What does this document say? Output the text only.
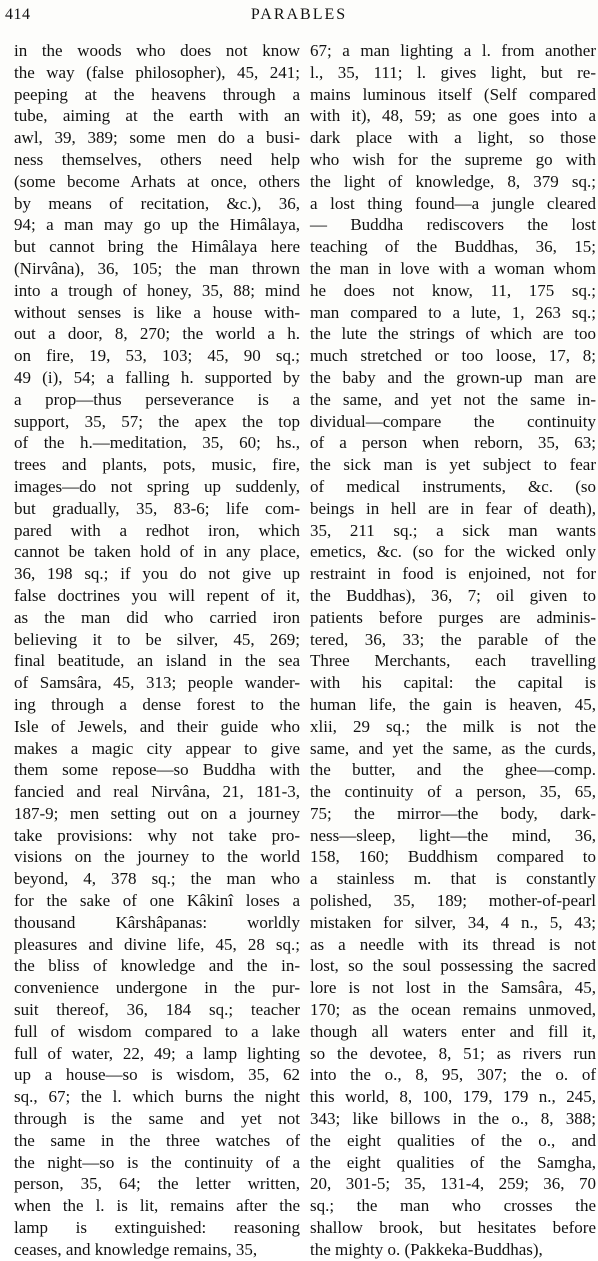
414	PARABLES
in the woods who does not know
the way (false philosopher), 45, 241;
peeping at the heavens through a
tube, aiming at the earth with an
awl, 39, 389; some men do a busi-
ness themselves, others need help
(some become Arhats at once, others
by means of recitation, &c.), 36,
94; a man may go up the Himâlaya,
but cannot bring the Himâlaya here
(Nirvâna), 36, 105; the man thrown
into a trough of honey, 35, 88; mind
without senses is like a house with-
out a door, 8, 270; the world a h.
on fire, 19, 53, 103; 45, 90 sq.;
49 (i), 54; a falling h. supported by
a prop—thus perseverance is a
support, 35, 57; the apex the top
of the h.—meditation, 35, 60; hs.,
trees and plants, pots, music, fire,
images—do not spring up suddenly,
but gradually, 35, 83-6; life com-
pared with a redhot iron, which
cannot be taken hold of in any place,
36, 198 sq.; if you do not give up
false doctrines you will repent of it,
as the man did who carried iron
believing it to be silver, 45, 269;
final beatitude, an island in the sea
of Samsâra, 45, 313; people wander-
ing through a dense forest to the
Isle of Jewels, and their guide who
makes a magic city appear to give
them some repose—so Buddha with
fancied and real Nirvâna, 21, 181-3,
187-9; men setting out on a journey
take provisions: why not take pro-
visions on the journey to the world
beyond, 4, 378 sq.; the man who
for the sake of one Kâkinî loses a
thousand Kârshâpanas: worldly
pleasures and divine life, 45, 28 sq.;
the bliss of knowledge and the in-
convenience undergone in the pur-
suit thereof, 36, 184 sq.; teacher
full of wisdom compared to a lake
full of water, 22, 49; a lamp lighting
up a house—so is wisdom, 35, 62
sq., 67; the l. which burns the night
through is the same and yet not
the same in the three watches of
the night—so is the continuity of a
person, 35, 64; the letter written,
when the l. is lit, remains after the
lamp is extinguished: reasoning
ceases, and knowledge remains, 35,
67; a man lighting a l. from another
l., 35, 111; l. gives light, but re-
mains luminous itself (Self compared
with it), 48, 59; as one goes into a
dark place with a light, so those
who wish for the supreme go with
the light of knowledge, 8, 379 sq.;
a lost thing found—a jungle cleared
— Buddha rediscovers the lost
teaching of the Buddhas, 36, 15;
the man in love with a woman whom
he does not know, 11, 175 sq.;
man compared to a lute, 1, 263 sq.;
the lute the strings of which are too
much stretched or too loose, 17, 8;
the baby and the grown-up man are
the same, and yet not the same in-
dividual—compare the continuity
of a person when reborn, 35, 63;
the sick man is yet subject to fear
of medical instruments, &c. (so
beings in hell are in fear of death),
35, 211 sq.; a sick man wants
emetics, &c. (so for the wicked only
restraint in food is enjoined, not for
the Buddhas), 36, 7; oil given to
patients before purges are adminis-
tered, 36, 33; the parable of the
Three Merchants, each travelling
with his capital: the capital is
human life, the gain is heaven, 45,
xlii, 29 sq.; the milk is not the
same, and yet the same, as the curds,
the butter, and the ghee—comp.
the continuity of a person, 35, 65,
75; the mirror—the body, dark-
ness—sleep, light—the mind, 36,
158, 160; Buddhism compared to
a stainless m. that is constantly
polished, 35, 189; mother-of-pearl
mistaken for silver, 34, 4 n., 5, 43;
as a needle with its thread is not
lost, so the soul possessing the sacred
lore is not lost in the Samsâra, 45,
170; as the ocean remains unmoved,
though all waters enter and fill it,
so the devotee, 8, 51; as rivers run
into the o., 8, 95, 307; the o. of
this world, 8, 100, 179, 179 n., 245,
343; like billows in the o., 8, 388;
the eight qualities of the o., and
the eight qualities of the Samgha,
20, 301-5; 35, 131-4, 259; 36, 70
sq.; the man who crosses the
shallow brook, but hesitates before
the mighty o. (Pakkeka-Buddhas),
